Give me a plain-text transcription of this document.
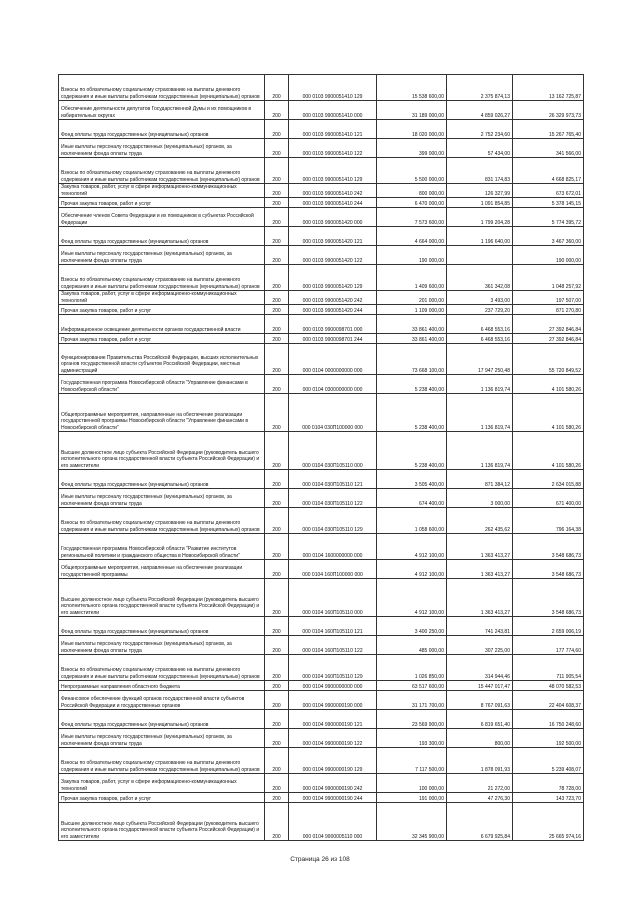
Взносы по обязательному социальному страхованию на выплаты денежного содержания и иные выплаты работникам государственных (муниципальных) органов	200	000 0103 9900051410 129	15 538 600,00	2 375 874,13	13 162 725,87
Обеспечение деятельности депутатов Государственной Думы и их помощников в избирательных округах	200	000 0103 9900051410 000	31 189 000,00	4 859 026,27	26 329 973,73
Фонд оплаты труда государственных (муниципальных) органов	200	000 0103 9900051410 121	18 020 000,00	2 752 234,60	15 267 765,40
Иные выплаты персоналу государственных (муниципальных) органов, за исключением фонда оплаты труда	200	000 0103 9900051410 122	399 000,00	57 434,00	341 566,00
Взносы по обязательному социальному страхованию на выплаты денежного содержания и иные выплаты работникам государственных (муниципальных) органов	200	000 0103 9900051410 129	5 500 000,00	831 174,83	4 668 825,17
Закупка товаров, работ, услуг в сфере информационно-коммуникационных технологий	200	000 0103 9900051410 242	800 000,00	126 327,99	673 672,01
Прочая закупка товаров, работ и услуг	200	000 0103 9900051410 244	6 470 000,00	1 091 854,85	5 378 145,15
Обеспечение членов Совета Федерации и их помощников в субъектах Российской Федерации	200	000 0103 9900051420 000	7 573 600,00	1 799 204,28	5 774 395,72
Фонд оплаты труда государственных (муниципальных) органов	200	000 0103 9900051420 121	4 664 000,00	1 196 640,00	3 467 360,00
Иные выплаты персоналу государственных (муниципальных) органов, за исключением фонда оплаты труда	200	000 0103 9900051420 122	190 000,00		190 000,00
Взносы по обязательному социальному страхованию на выплаты денежного содержания и иные выплаты работникам государственных (муниципальных) органов	200	000 0103 9900051420 129	1 409 600,00	361 342,08	1 048 257,92
Закупка товаров, работ, услуг в сфере информационно-коммуникационных технологий	200	000 0103 9900051420 242	201 000,00	3 493,00	197 507,00
Прочая закупка товаров, работ и услуг	200	000 0103 9900051420 244	1 109 000,00	237 729,20	871 270,80
Информационное освещение деятельности органов государственной власти	200	000 0103 9900098701 000	33 861 400,00	6 468 553,16	27 392 846,84
Прочая закупка товаров, работ и услуг	200	000 0103 9900098701 244	33 861 400,00	6 468 553,16	27 392 846,84
Функционирование Правительства Российской Федерации, высших исполнительных органов государственной власти субъектов Российской Федерации, местных администраций	200	000 0104 0000000000 000	73 668 100,00	17 947 250,48	55 720 849,52
Государственная программа Новосибирской области "Управление финансами в Новосибирской области"	200	000 0104 0300000000 000	5 238 400,00	1 136 819,74	4 101 580,26
Общепрограммные мероприятия, направленные на обеспечение реализации государственной программы Новосибирской области "Управление финансами в Новосибирской области"	200	000 0104 030П100000 000	5 238 400,00	1 136 819,74	4 101 580,26
Высшее должностное лицо субъекта Российской Федерации (руководитель высшего исполнительного органа государственной власти субъекта Российской Федерации) и его заместители	200	000 0104 030П105110 000	5 238 400,00	1 136 819,74	4 101 580,26
Фонд оплаты труда государственных (муниципальных) органов	200	000 0104 030П105110 121	3 505 400,00	871 384,12	2 634 015,88
Иные выплаты персоналу государственных (муниципальных) органов, за исключением фонда оплаты труда	200	000 0104 030П105110 122	674 400,00	3 000,00	671 400,00
Взносы по обязательному социальному страхованию на выплаты денежного содержания и иные выплаты работникам государственных (муниципальных) органов	200	000 0104 030П105110 129	1 058 600,00	262 435,62	796 164,38
Государственная программа Новосибирской области "Развитие институтов региональной политики и гражданского общества в Новосибирской области"	200	000 0104 1600000000 000	4 912 100,00	1 363 413,27	3 548 686,73
Общепрограммные мероприятия, направленные на обеспечение реализации государственной программы	200	000 0104 160П100000 000	4 912 100,00	1 363 413,27	3 548 686,73
Высшее должностное лицо субъекта Российской Федерации (руководитель высшего исполнительного органа государственной власти субъекта Российской Федерации) и его заместители	200	000 0104 160П105110 000	4 912 100,00	1 363 413,27	3 548 686,73
Фонд оплаты труда государственных (муниципальных) органов	200	000 0104 160П105110 121	3 400 250,00	741 243,81	2 659 006,19
Иные выплаты персоналу государственных (муниципальных) органов, за исключением фонда оплаты труда	200	000 0104 160П105110 122	485 000,00	307 225,00	177 774,60
Взносы по обязательному социальному страхованию на выплаты денежного содержания и иные выплаты работникам государственных (муниципальных) органов	200	000 0104 160П105110 129	1 026 850,00	314 944,46	711 905,54
Непрограммные направления областного бюджета	200	000 0104 9900000000 000	63 517 600,00	15 447 017,47	48 070 582,53
Финансовое обеспечение функций органов государственной власти субъектов Российской Федерации и государственных органов	200	000 0104 9900000190 000	31 171 700,00	8 767 091,63	22 404 608,37
Фонд оплаты труда государственных (муниципальных) органов	200	000 0104 9900000190 121	23 569 900,00	6 819 651,40	16 750 248,60
Иные выплаты персоналу государственных (муниципальных) органов, за исключением фонда оплаты труда	200	000 0104 9900000190 122	193 300,00	800,00	192 500,00
Взносы по обязательному социальному страхованию на выплаты денежного содержания и иные выплаты работникам государственных (муниципальных) органов	200	000 0104 9900000190 129	7 117 500,00	1 878 091,93	5 239 408,07
Закупка товаров, работ, услуг в сфере информационно-коммуникационных технологий	200	000 0104 9900000190 242	100 000,00	21 272,00	78 728,00
Прочая закупка товаров, работ и услуг	200	000 0104 9900000190 244	191 000,00	47 276,30	143 723,70
Высшее должностное лицо субъекта Российской Федерации (руководитель высшего исполнительного органа государственной власти субъекта Российской Федерации) и его заместители	200	000 0104 9900005110 000	32 345 900,00	6 679 925,84	25 665 974,16
Страница 26 из 108
